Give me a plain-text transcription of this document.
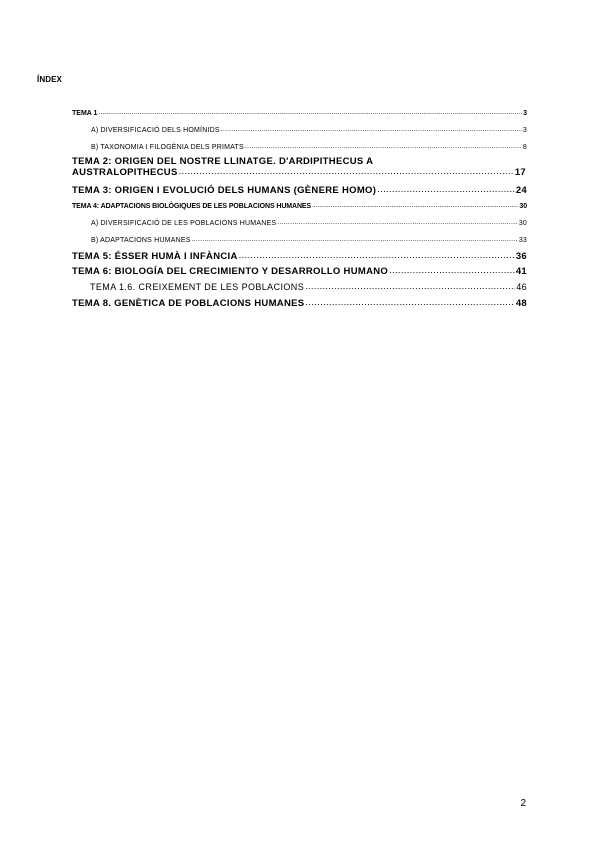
ÍNDEX
TEMA 1 .....	3
A) DIVERSIFICACIÓ DELS HOMÍNIDS .....	3
B) TAXONOMIA I FILOGÈNIA DELS PRIMATS .....	8
TEMA 2: ORIGEN DEL NOSTRE LLINATGE. D'ARDIPITHECUS A
AUSTRALOPITHECUS .....	17
TEMA 3: ORIGEN I EVOLUCIÓ DELS HUMANS (GÈNERE HOMO) .....	24
TEMA 4: ADAPTACIONS BIOLÒGIQUES DE LES POBLACIONS HUMANES .....	30
A) DIVERSIFICACIÓ DE LES POBLACIONS HUMANES .....	30
B) ADAPTACIONS HUMANES .....	33
TEMA 5: ÉSSER HUMÀ I INFÀNCIA .....	36
TEMA 6: BIOLOGÍA DEL CRECIMIENTO Y DESARROLLO HUMANO .....	41
TEMA 1.6. CREIXEMENT DE LES POBLACIONS .....	46
TEMA 8. GENÈTICA DE POBLACIONS HUMANES .....	48
2
